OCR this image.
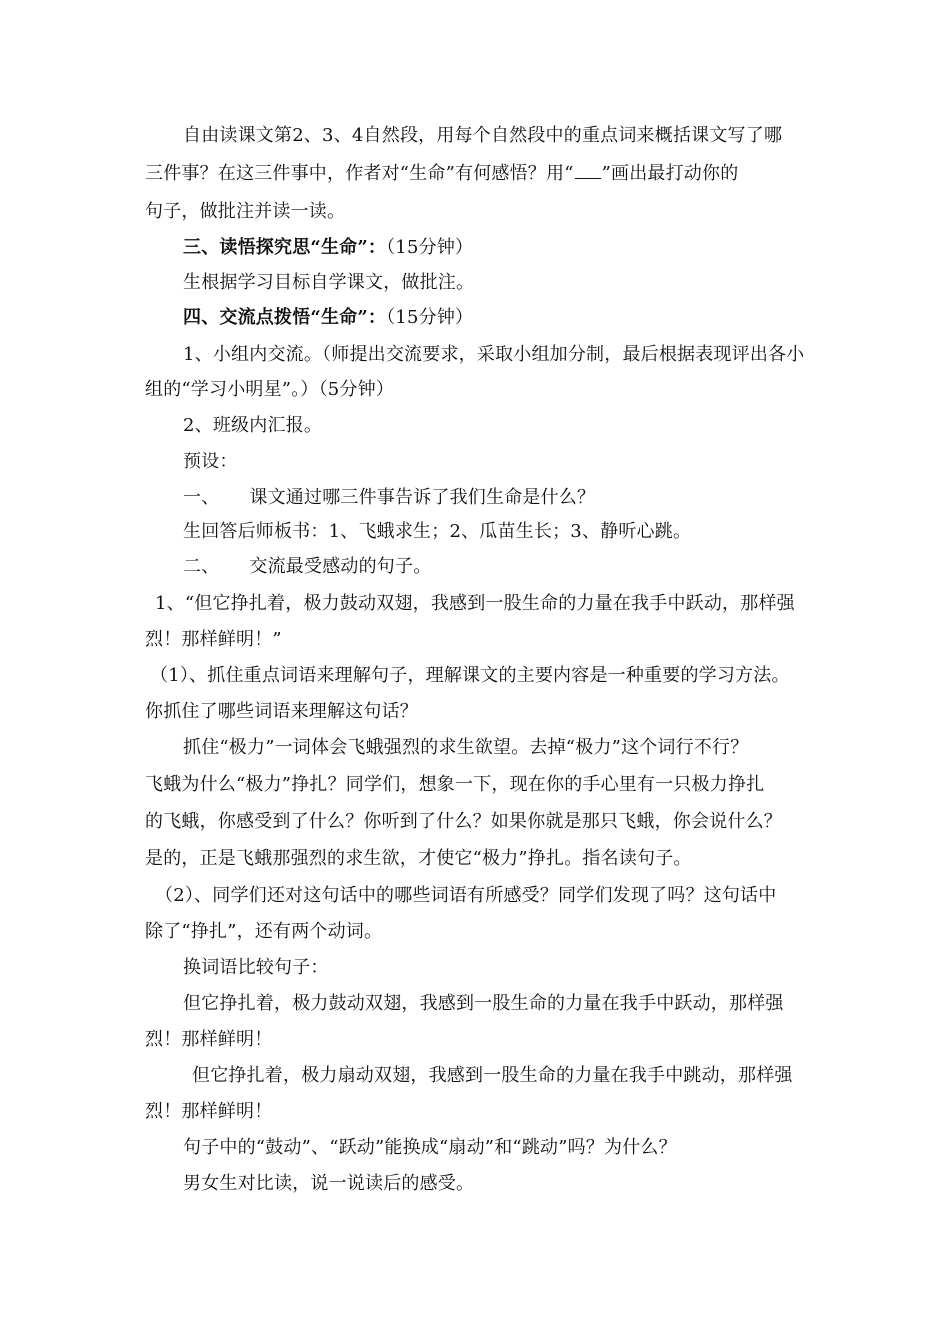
自由读课文第2、3、4自然段，用每个自然段中的重点词来概括课文写了哪
三件事？在这三件事中，作者对“生命”有何感悟？用“ ”画出最打动你的
句子，做批注并读一读。
三、读悟探究思“生命”：（15分钟）
生根据学习目标自学课文，做批注。
四、交流点拨悟“生命”：（15分钟）
1、小组内交流。（师提出交流要求，采取小组加分制，最后根据表现评出各小
组的“学习小明星”。）（5分钟）
2、班级内汇报。
预设：
一、 课文通过哪三件事告诉了我们生命是什么？
生回答后师板书：1、飞蛾求生；2、瓜苗生长；3、静听心跳。
二、 交流最受感动的句子。
1、“但它挣扎着，极力鼓动双翅，我感到一股生命的力量在我手中跃动，那样强
烈！那样鲜明！”
（1）、抓住重点词语来理解句子，理解课文的主要内容是一种重要的学习方法。
你抓住了哪些词语来理解这句话？
抓住“极力”一词体会飞蛾强烈的求生欲望。去掉“极力”这个词行不行？
飞蛾为什么“极力”挣扎？同学们，想象一下，现在你的手心里有一只极力挣扎
的飞蛾，你感受到了什么？你听到了什么？如果你就是那只飞蛾，你会说什么？
是的，正是飞蛾那强烈的求生欲，才使它“极力”挣扎。指名读句子。
（2）、同学们还对这句话中的哪些词语有所感受？同学们发现了吗？这句话中
除了“挣扎”，还有两个动词。
换词语比较句子：
但它挣扎着，极力鼓动双翅，我感到一股生命的力量在我手中跃动，那样强
烈！那样鲜明！
但它挣扎着，极力扇动双翅，我感到一股生命的力量在我手中跳动，那样强
烈！那样鲜明！
句子中的“鼓动”、“跃动”能换成“扇动”和“跳动”吗？为什么？
男女生对比读，说一说读后的感受。
